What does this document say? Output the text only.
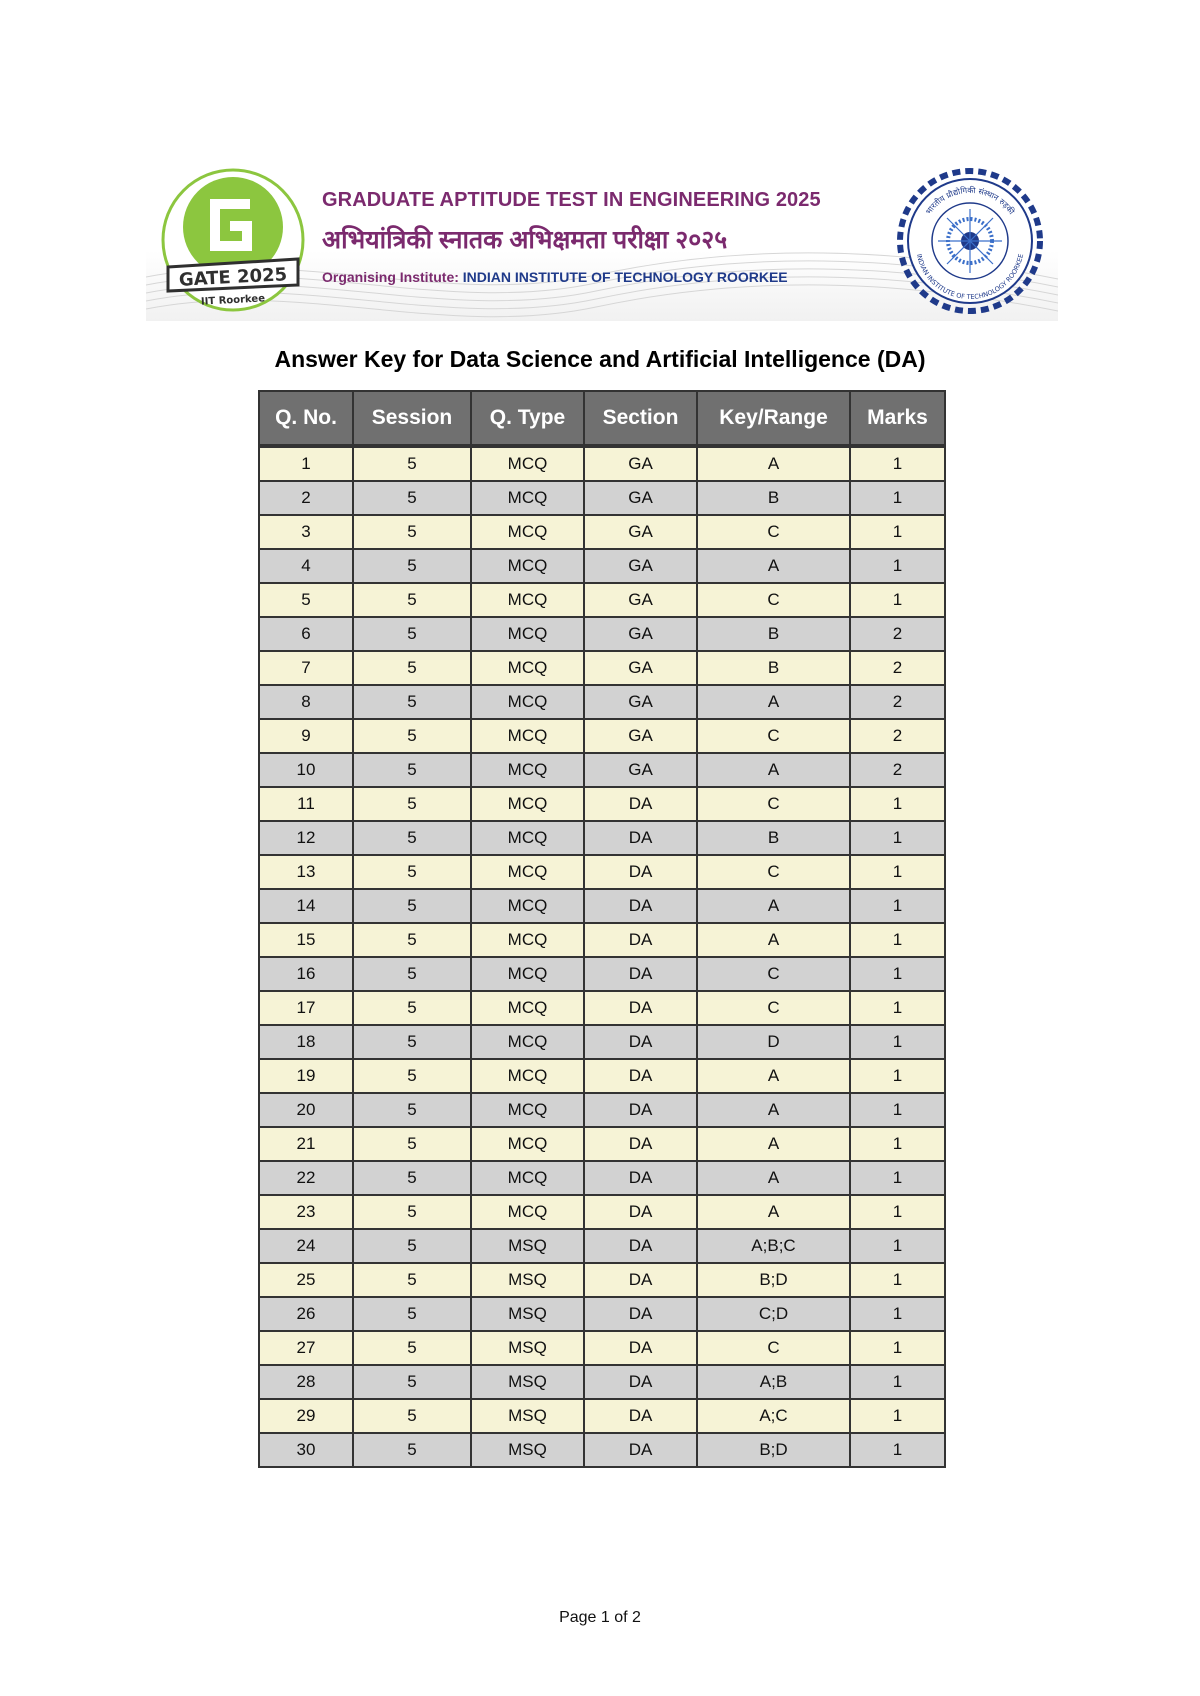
GATE 2025
IIT Roorkee
GRADUATE APTITUDE TEST IN ENGINEERING 2025

अभियांत्रिकी स्नातक अभिक्षमता परीक्षा २०२५

Organising Institute: INDIAN INSTITUTE OF TECHNOLOGY ROORKEE

भारतीय प्रौद्योगिकी संस्थान रुड़की
INDIAN INSTITUTE OF TECHNOLOGY ROORKEE
Answer Key for Data Science and Artificial Intelligence (DA)
Q. No.	Session	Q. Type	Section	Key/Range	Marks
1	5	MCQ	GA	A	1
2	5	MCQ	GA	B	1
3	5	MCQ	GA	C	1
4	5	MCQ	GA	A	1
5	5	MCQ	GA	C	1
6	5	MCQ	GA	B	2
7	5	MCQ	GA	B	2
8	5	MCQ	GA	A	2
9	5	MCQ	GA	C	2
10	5	MCQ	GA	A	2
11	5	MCQ	DA	C	1
12	5	MCQ	DA	B	1
13	5	MCQ	DA	C	1
14	5	MCQ	DA	A	1
15	5	MCQ	DA	A	1
16	5	MCQ	DA	C	1
17	5	MCQ	DA	C	1
18	5	MCQ	DA	D	1
19	5	MCQ	DA	A	1
20	5	MCQ	DA	A	1
21	5	MCQ	DA	A	1
22	5	MCQ	DA	A	1
23	5	MCQ	DA	A	1
24	5	MSQ	DA	A;B;C	1
25	5	MSQ	DA	B;D	1
26	5	MSQ	DA	C;D	1
27	5	MSQ	DA	C	1
28	5	MSQ	DA	A;B	1
29	5	MSQ	DA	A;C	1
30	5	MSQ	DA	B;D	1

Page 1 of 2
